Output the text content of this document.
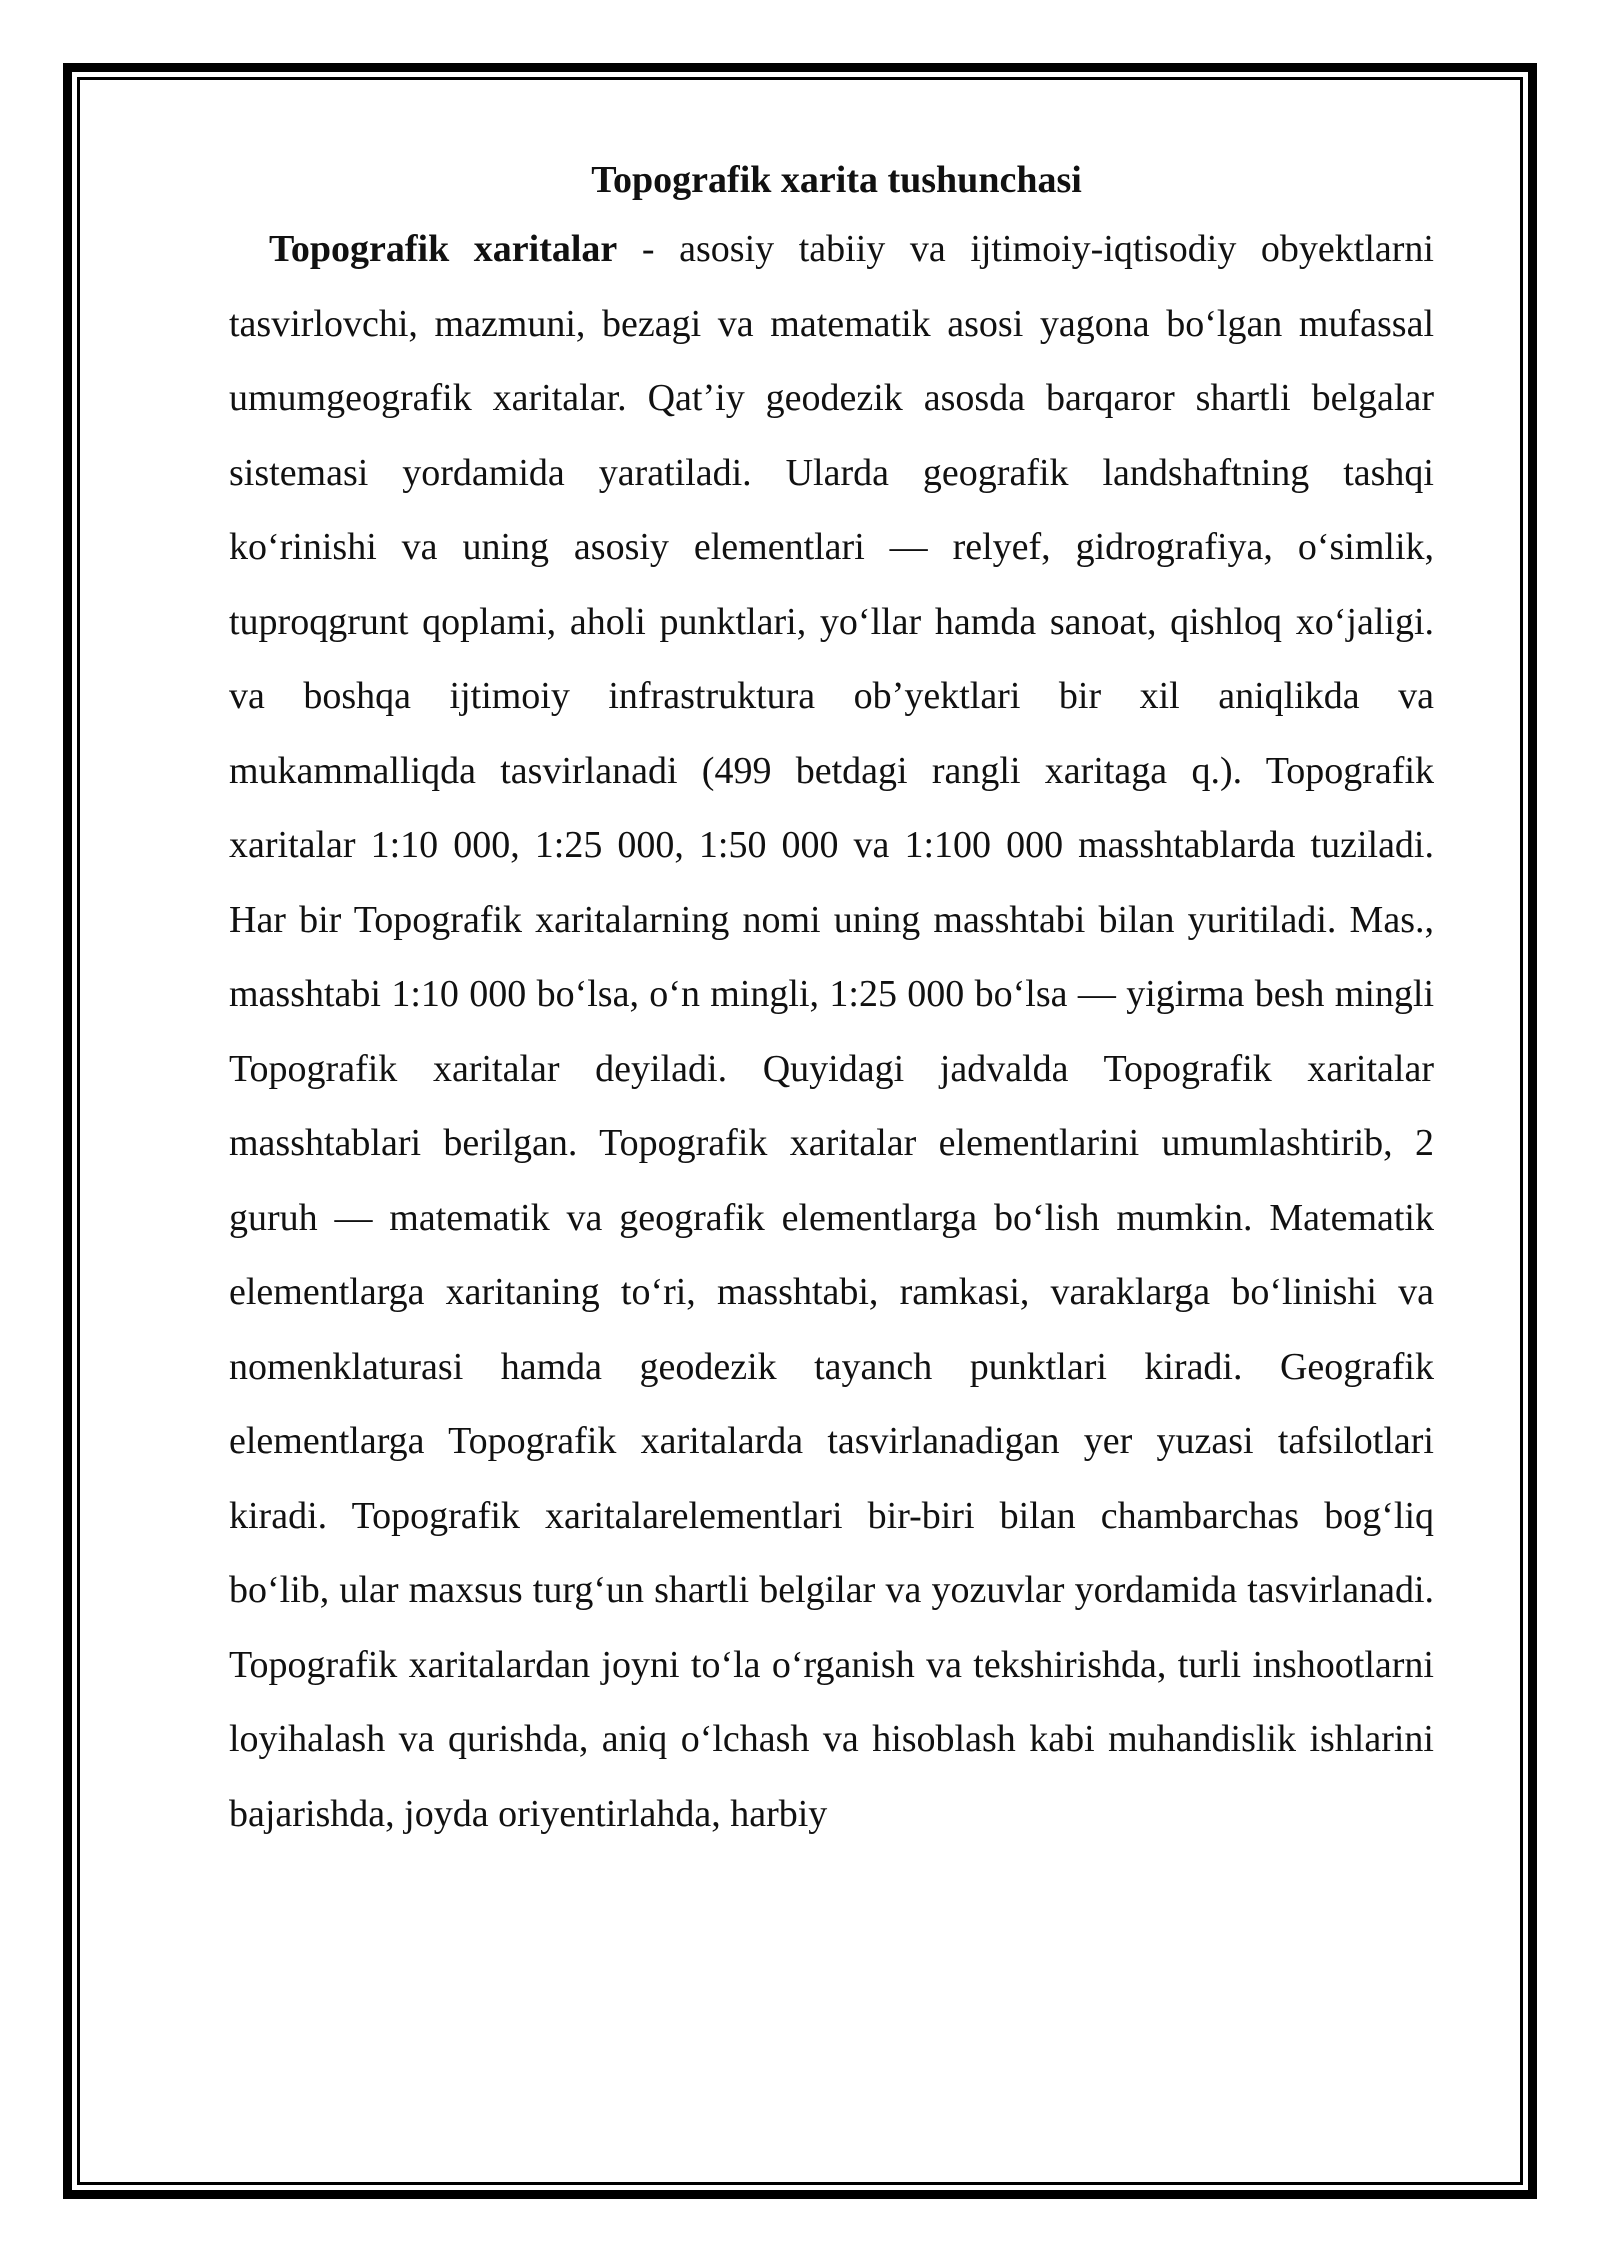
Topografik xarita tushunchasi

Topografik xaritalar - asosiy tabiiy va ijtimoiy-iqtisodiy obyektlarni tasvirlovchi, mazmuni, bezagi va matematik asosi yagona boʻlgan mufassal umumgeografik xaritalar. Qatʼiy geodezik asosda barqaror shartli belgalar sistemasi yordamida yaratiladi. Ularda geografik landshaftning tashqi koʻrinishi va uning asosiy elementlari — relyef, gidrografiya, oʻsimlik, tuproqgrunt qoplami, aholi punktlari, yoʻllar hamda sanoat, qishloq xoʻjaligi. va boshqa ijtimoiy infrastruktura obʼyektlari bir xil aniqlikda va mukammalliqda tasvirlanadi (499 betdagi rangli xaritaga q.). Topografik xaritalar 1:10 000, 1:25 000, 1:50 000 va 1:100 000 masshtablarda tuziladi. Har bir Topografik xaritalarning nomi uning masshtabi bilan yuritiladi. Mas., masshtabi 1:10 000 boʻlsa, oʻn mingli, 1:25 000 boʻlsa — yigirma besh mingli Topografik xaritalar deyiladi. Quyidagi jadvalda Topografik xaritalar masshtablari berilgan. Topografik xaritalar elementlarini umumlashtirib, 2 guruh — matematik va geografik elementlarga boʻlish mumkin. Matematik elementlarga xaritaning toʻri, masshtabi, ramkasi, varaklarga boʻlinishi va nomenklaturasi hamda geodezik tayanch punktlari kiradi. Geografik elementlarga Topografik xaritalarda tasvirlanadigan yer yuzasi tafsilotlari kiradi. Topografik xaritalarelementlari bir-biri bilan chambarchas bogʻliq boʻlib, ular maxsus turgʻun shartli belgilar va yozuvlar yordamida tasvirlanadi. Topografik xaritalardan joyni toʻla oʻrganish va tekshirishda, turli inshootlarni loyihalash va qurishda, aniq oʻlchash va hisoblash kabi muhandislik ishlarini bajarishda, joyda oriyentirlahda, harbiy
